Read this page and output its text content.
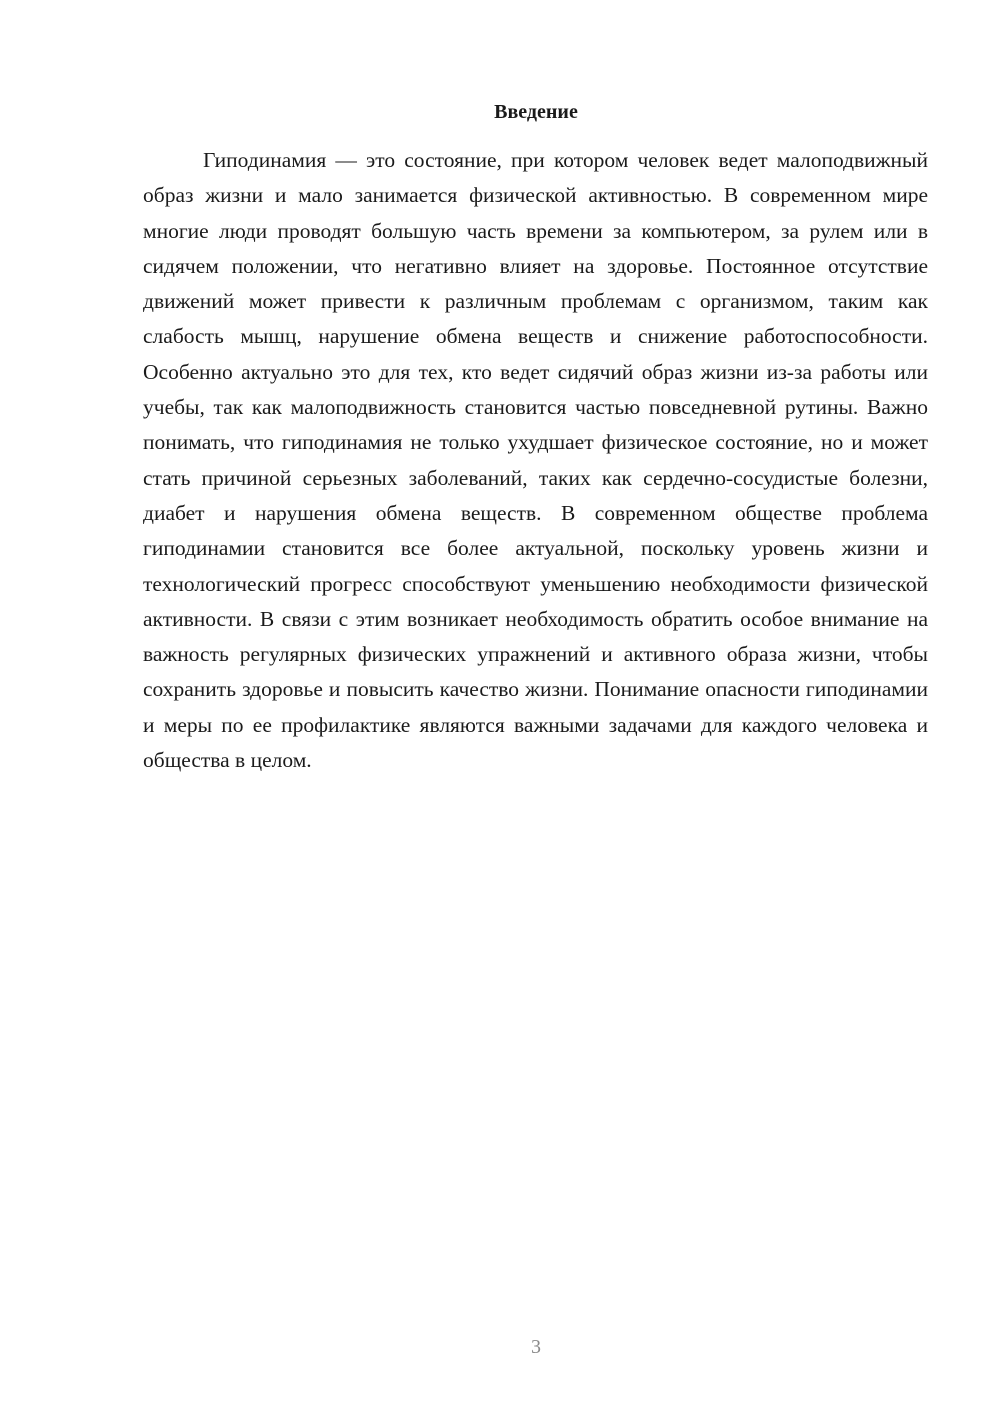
Введение

Гиподинамия — это состояние, при котором человек ведет малоподвижный образ жизни и мало занимается физической активностью. В современном мире многие люди проводят большую часть времени за компьютером, за рулем или в сидячем положении, что негативно влияет на здоровье. Постоянное отсутствие движений может привести к различным проблемам с организмом, таким как слабость мышц, нарушение обмена веществ и снижение работоспособности. Особенно актуально это для тех, кто ведет сидячий образ жизни из-за работы или учебы, так как малоподвижность становится частью повседневной рутины. Важно понимать, что гиподинамия не только ухудшает физическое состояние, но и может стать причиной серьезных заболеваний, таких как сердечно-сосудистые болезни, диабет и нарушения обмена веществ. В современном обществе проблема гиподинамии становится все более актуальной, поскольку уровень жизни и технологический прогресс способствуют уменьшению необходимости физической активности. В связи с этим возникает необходимость обратить особое внимание на важность регулярных физических упражнений и активного образа жизни, чтобы сохранить здоровье и повысить качество жизни. Понимание опасности гиподинамии и меры по ее профилактике являются важными задачами для каждого человека и общества в целом.

3
